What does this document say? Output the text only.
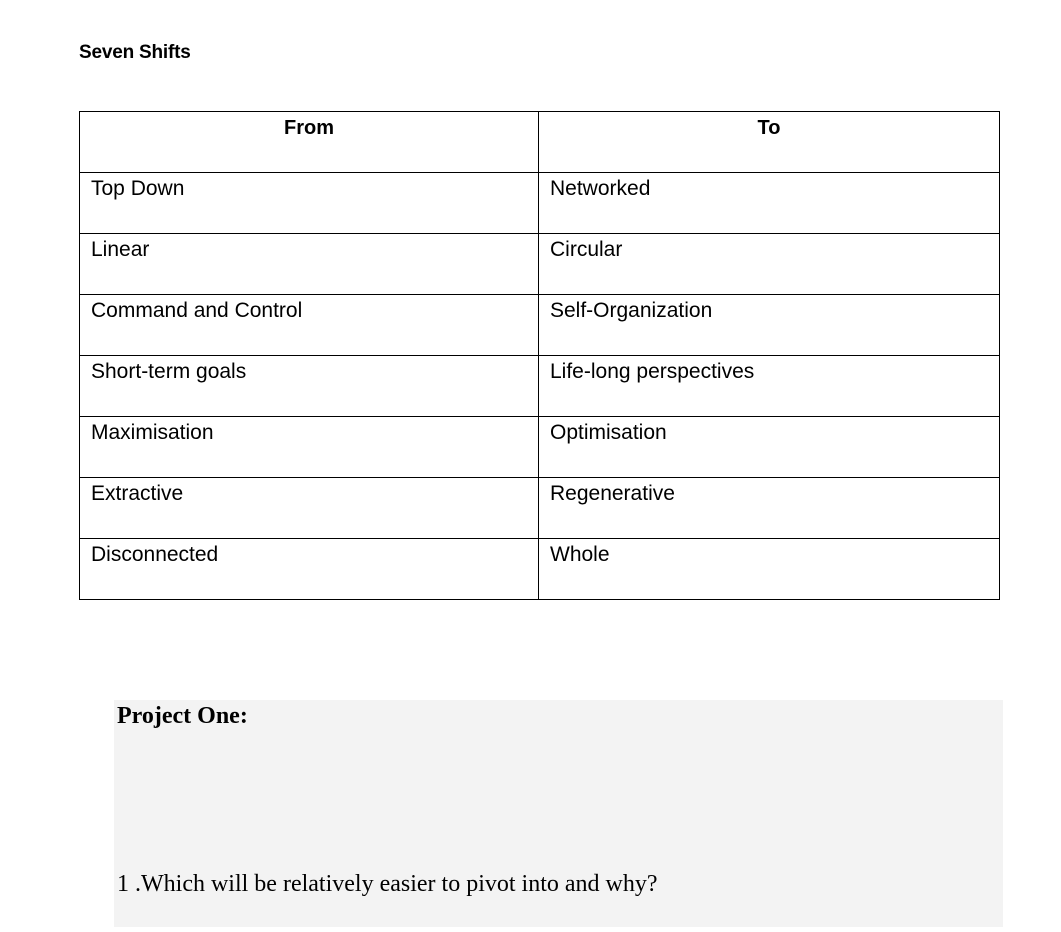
Seven Shifts
From	To
Top Down	Networked
Linear	Circular
Command and Control	Self-Organization
Short-term goals	Life-long perspectives
Maximisation	Optimisation
Extractive	Regenerative
Disconnected	Whole
Project One:
1 .Which will be relatively easier to pivot into and why?
